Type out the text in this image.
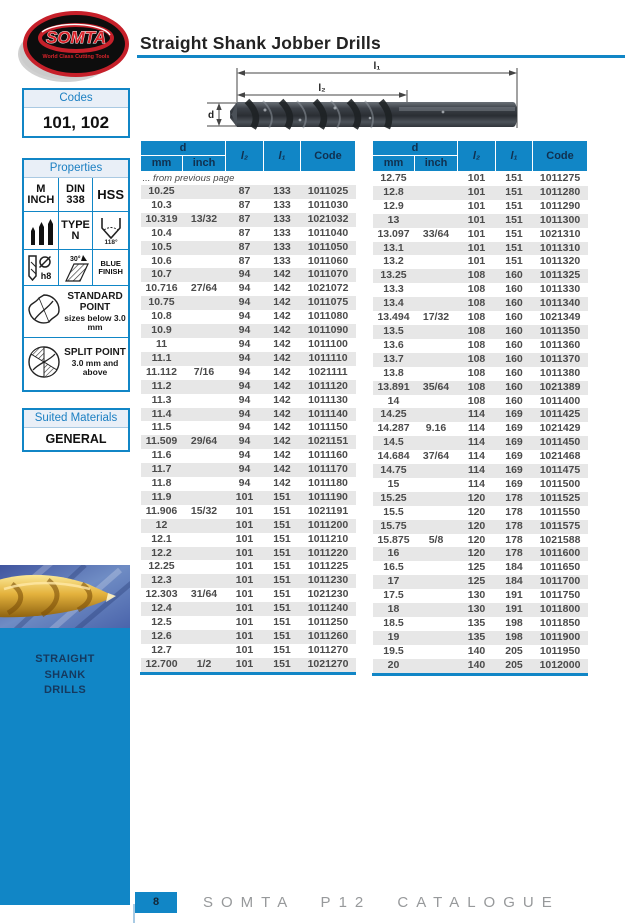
SOMTA
World Class Cutting Tools
Straight Shank Jobber Drills
Codes
101, 102
Properties
M
INCH
DIN
338 HSS
TYPE
N
118°
h8
30°	BLUE
FINISH
STANDARD POINT
sizes below 3.0 mm
SPLIT POINT
3.0 mm and above
Suited Materials
GENERAL
l₁
l₂
d
d		l₂	l₁	Code
mm	inch			
... from previous page				
10.25		87	133	1011025
10.3		87	133	1011030
10.319	13/32	87	133	1021032
10.4		87	133	1011040
10.5		87	133	1011050
10.6		87	133	1011060
10.7		94	142	1011070
10.716	27/64	94	142	1021072
10.75		94	142	1011075
10.8		94	142	1011080
10.9		94	142	1011090
11		94	142	1011100
11.1		94	142	1011110
11.112	7/16	94	142	1021111
11.2		94	142	1011120
11.3		94	142	1011130
11.4		94	142	1011140
11.5		94	142	1011150
11.509	29/64	94	142	1021151
11.6		94	142	1011160
11.7		94	142	1011170
11.8		94	142	1011180
11.9		101	151	1011190
11.906	15/32	101	151	1021191
12		101	151	1011200
12.1		101	151	1011210
12.2		101	151	1011220
12.25		101	151	1011225
12.3		101	151	1011230
12.303	31/64	101	151	1021230
12.4		101	151	1011240
12.5		101	151	1011250
12.6		101	151	1011260
12.7		101	151	1011270
12.700	1/2	101	151	1021270
d		l₂	l₁	Code
mm	inch			
12.75		101	151	1011275
12.8		101	151	1011280
12.9		101	151	1011290
13		101	151	1011300
13.097	33/64	101	151	1021310
13.1		101	151	1011310
13.2		101	151	1011320
13.25		108	160	1011325
13.3		108	160	1011330
13.4		108	160	1011340
13.494	17/32	108	160	1021349
13.5		108	160	1011350
13.6		108	160	1011360
13.7		108	160	1011370
13.8		108	160	1011380
13.891	35/64	108	160	1021389
14		108	160	1011400
14.25		114	169	1011425
14.287	9.16	114	169	1021429
14.5		114	169	1011450
14.684	37/64	114	169	1021468
14.75		114	169	1011475
15		114	169	1011500
15.25		120	178	1011525
15.5		120	178	1011550
15.75		120	178	1011575
15.875	5/8	120	178	1021588
16		120	178	1011600
16.5		125	184	1011650
17		125	184	1011700
17.5		130	191	1011750
18		130	191	1011800
18.5		135	198	1011850
19		135	198	1011900
19.5		140	205	1011950
20		140	205	1012000
STRAIGHT
SHANK
DRILLS
8	SOMTA P12 CATALOGUE
